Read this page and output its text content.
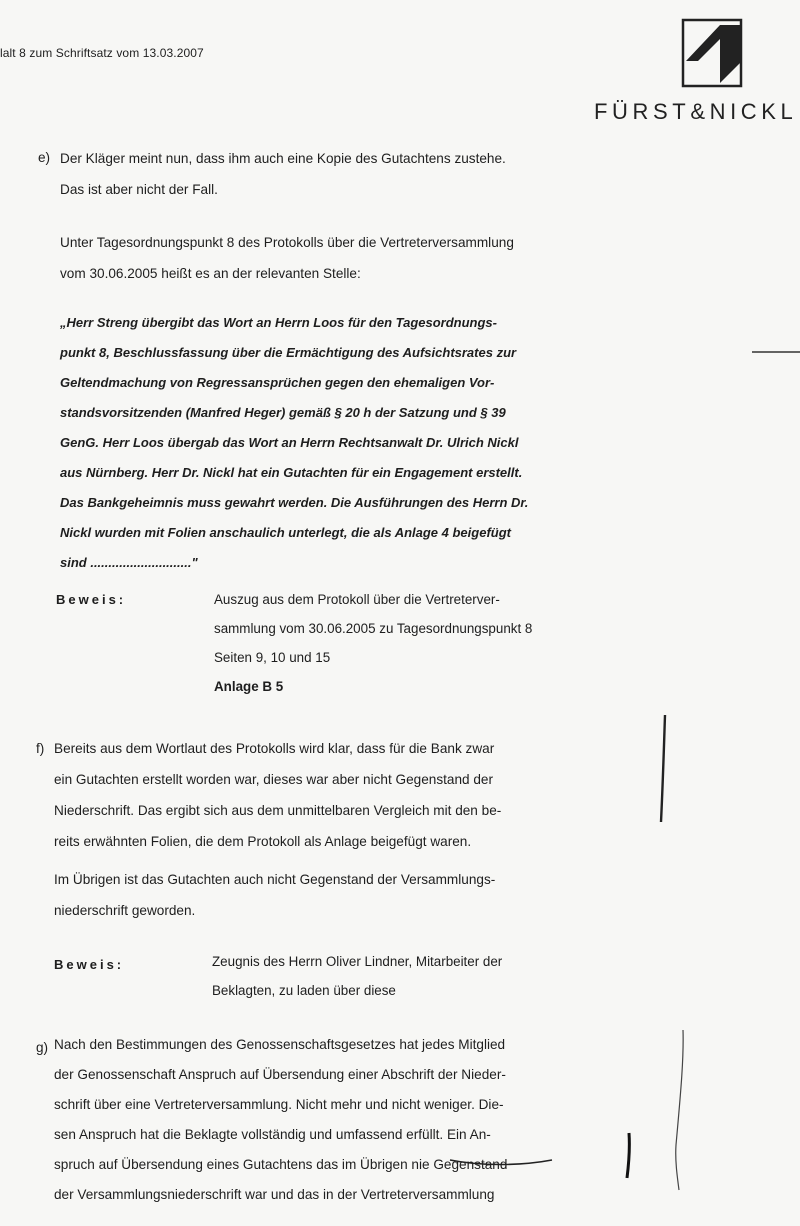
lalt 8 zum Schriftsatz vom 13.03.2007
FÜRST&NICKL
e) Der Kläger meint nun, dass ihm auch eine Kopie des Gutachtens zustehe.
Das ist aber nicht der Fall.
Unter Tagesordnungspunkt 8 des Protokolls über die Vertreterversammlung
vom 30.06.2005 heißt es an der relevanten Stelle:
„Herr Streng übergibt das Wort an Herrn Loos für den Tagesordnungs-
punkt 8, Beschlussfassung über die Ermächtigung des Aufsichtsrates zur
Geltendmachung von Regressansprüchen gegen den ehemaligen Vor-
standsvorsitzenden (Manfred Heger) gemäß § 20 h der Satzung und § 39
GenG. Herr Loos übergab das Wort an Herrn Rechtsanwalt Dr. Ulrich Nickl
aus Nürnberg. Herr Dr. Nickl hat ein Gutachten für ein Engagement erstellt.
Das Bankgeheimnis muss gewahrt werden. Die Ausführungen des Herrn Dr.
Nickl wurden mit Folien anschaulich unterlegt, die als Anlage 4 beigefügt
sind ............................"
Beweis:	Auszug aus dem Protokoll über die Vertreterver-
sammlung vom 30.06.2005 zu Tagesordnungspunkt 8
Seiten 9, 10 und 15
Anlage B 5
f) Bereits aus dem Wortlaut des Protokolls wird klar, dass für die Bank zwar
ein Gutachten erstellt worden war, dieses war aber nicht Gegenstand der
Niederschrift. Das ergibt sich aus dem unmittelbaren Vergleich mit den be-
reits erwähnten Folien, die dem Protokoll als Anlage beigefügt waren.
Im Übrigen ist das Gutachten auch nicht Gegenstand der Versammlungs-
niederschrift geworden.
Beweis:	Zeugnis des Herrn Oliver Lindner, Mitarbeiter der
Beklagten, zu laden über diese
g) Nach den Bestimmungen des Genossenschaftsgesetzes hat jedes Mitglied
der Genossenschaft Anspruch auf Übersendung einer Abschrift der Nieder-
schrift über eine Vertreterversammlung. Nicht mehr und nicht weniger. Die-
sen Anspruch hat die Beklagte vollständig und umfassend erfüllt. Ein An-
spruch auf Übersendung eines Gutachtens das im Übrigen nie Gegenstand
der Versammlungsniederschrift war und das in der Vertreterversammlung
